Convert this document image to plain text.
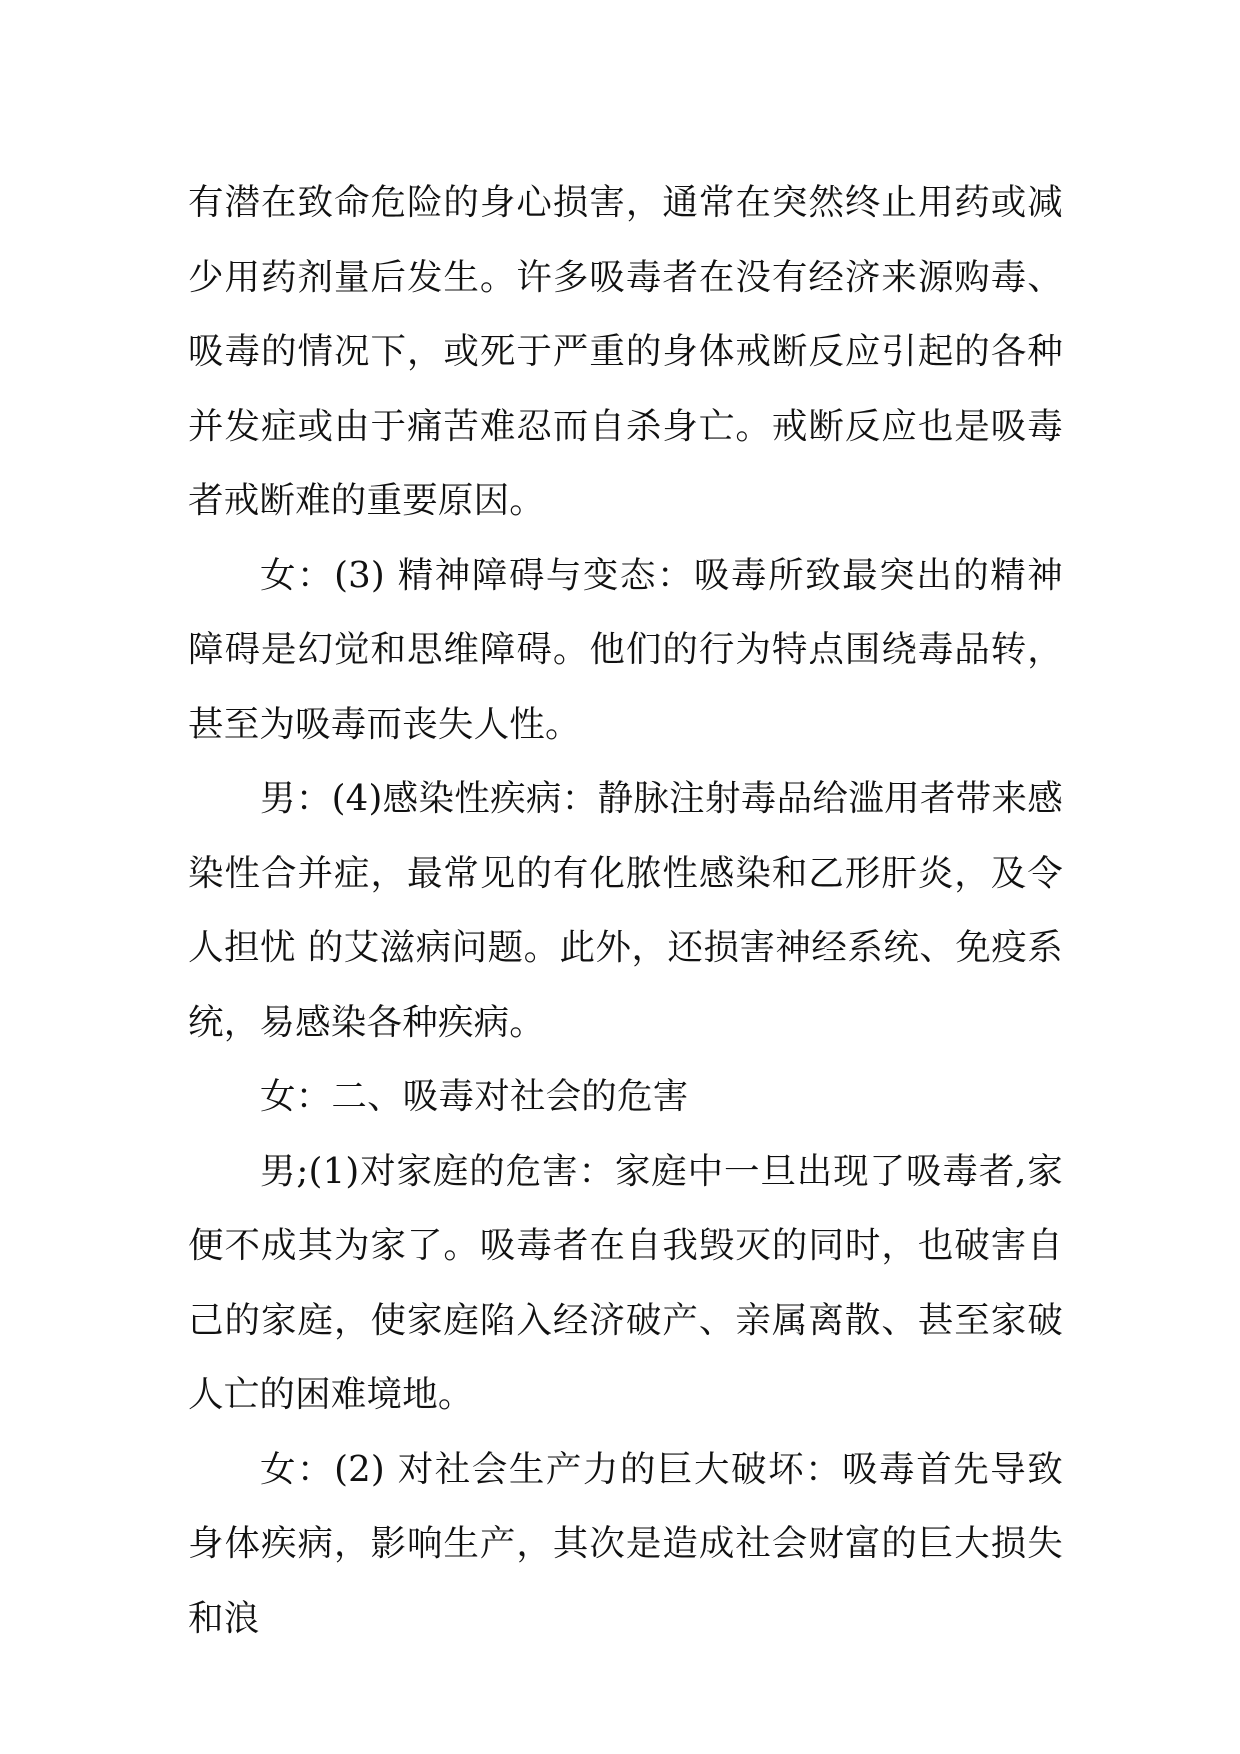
有潜在致命危险的身心损害，通常在突然终止用药或减少用药剂量后发生。许多吸毒者在没有经济来源购毒、吸毒的情况下，或死于严重的身体戒断反应引起的各种并发症或由于痛苦难忍而自杀身亡。戒断反应也是吸毒者戒断难的重要原因。

女：(3) 精神障碍与变态：吸毒所致最突出的精神障碍是幻觉和思维障碍。他们的行为特点围绕毒品转，甚至为吸毒而丧失人性。

男：(4)感染性疾病：静脉注射毒品给滥用者带来感染性合并症，最常见的有化脓性感染和乙形肝炎，及令人担忧 的艾滋病问题。此外，还损害神经系统、免疫系统，易感染各种疾病。

女：二、吸毒对社会的危害

男;(1)对家庭的危害：家庭中一旦出现了吸毒者,家便不成其为家了。吸毒者在自我毁灭的同时，也破害自己的家庭，使家庭陷入经济破产、亲属离散、甚至家破人亡的困难境地。

女：(2) 对社会生产力的巨大破坏：吸毒首先导致身体疾病，影响生产，其次是造成社会财富的巨大损失和浪
